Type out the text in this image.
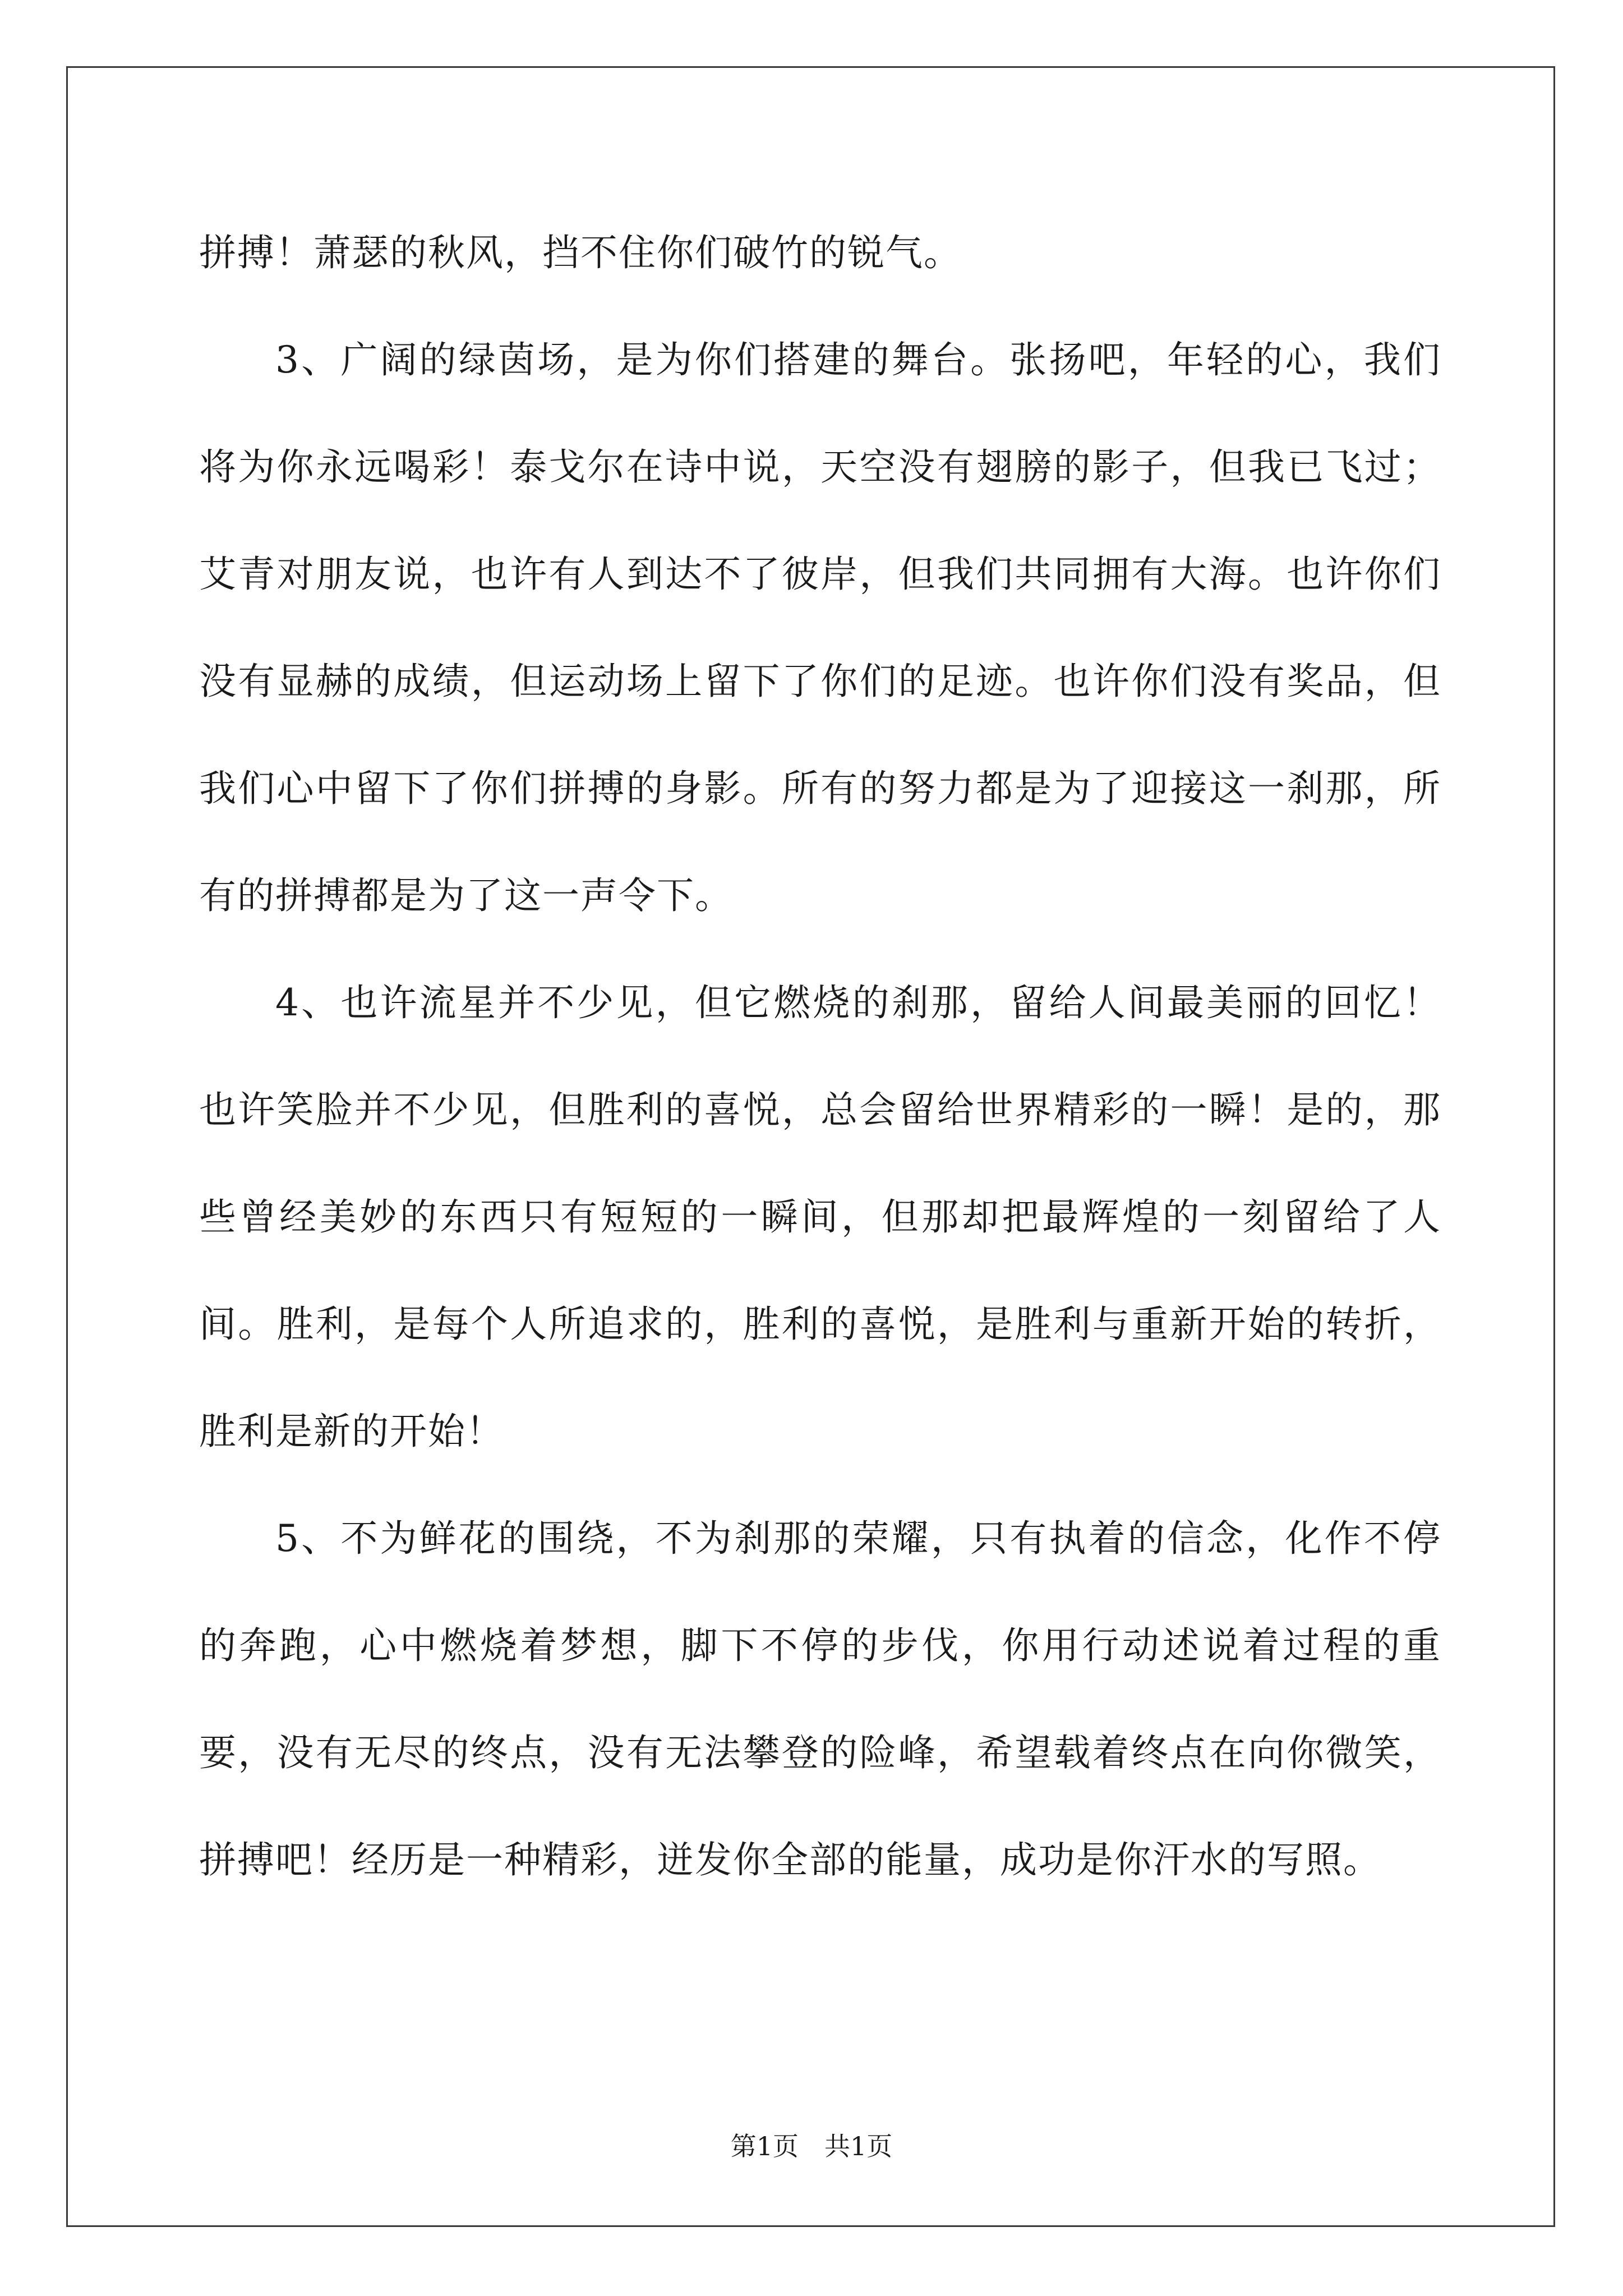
拼搏！萧瑟的秋风，挡不住你们破竹的锐气。

3、广阔的绿茵场，是为你们搭建的舞台。张扬吧，年轻的心，我们将为你永远喝彩！泰戈尔在诗中说，天空没有翅膀的影子，但我已飞过；艾青对朋友说，也许有人到达不了彼岸，但我们共同拥有大海。也许你们没有显赫的成绩，但运动场上留下了你们的足迹。也许你们没有奖品，但我们心中留下了你们拼搏的身影。所有的努力都是为了迎接这一刹那，所有的拼搏都是为了这一声令下。

4、也许流星并不少见，但它燃烧的刹那，留给人间最美丽的回忆！也许笑脸并不少见，但胜利的喜悦，总会留给世界精彩的一瞬！是的，那些曾经美妙的东西只有短短的一瞬间，但那却把最辉煌的一刻留给了人间。胜利，是每个人所追求的，胜利的喜悦，是胜利与重新开始的转折，胜利是新的开始！

5、不为鲜花的围绕，不为刹那的荣耀，只有执着的信念，化作不停的奔跑，心中燃烧着梦想，脚下不停的步伐，你用行动述说着过程的重要，没有无尽的终点，没有无法攀登的险峰，希望载着终点在向你微笑，拼搏吧！经历是一种精彩，迸发你全部的能量，成功是你汗水的写照。

第1页　共1页
